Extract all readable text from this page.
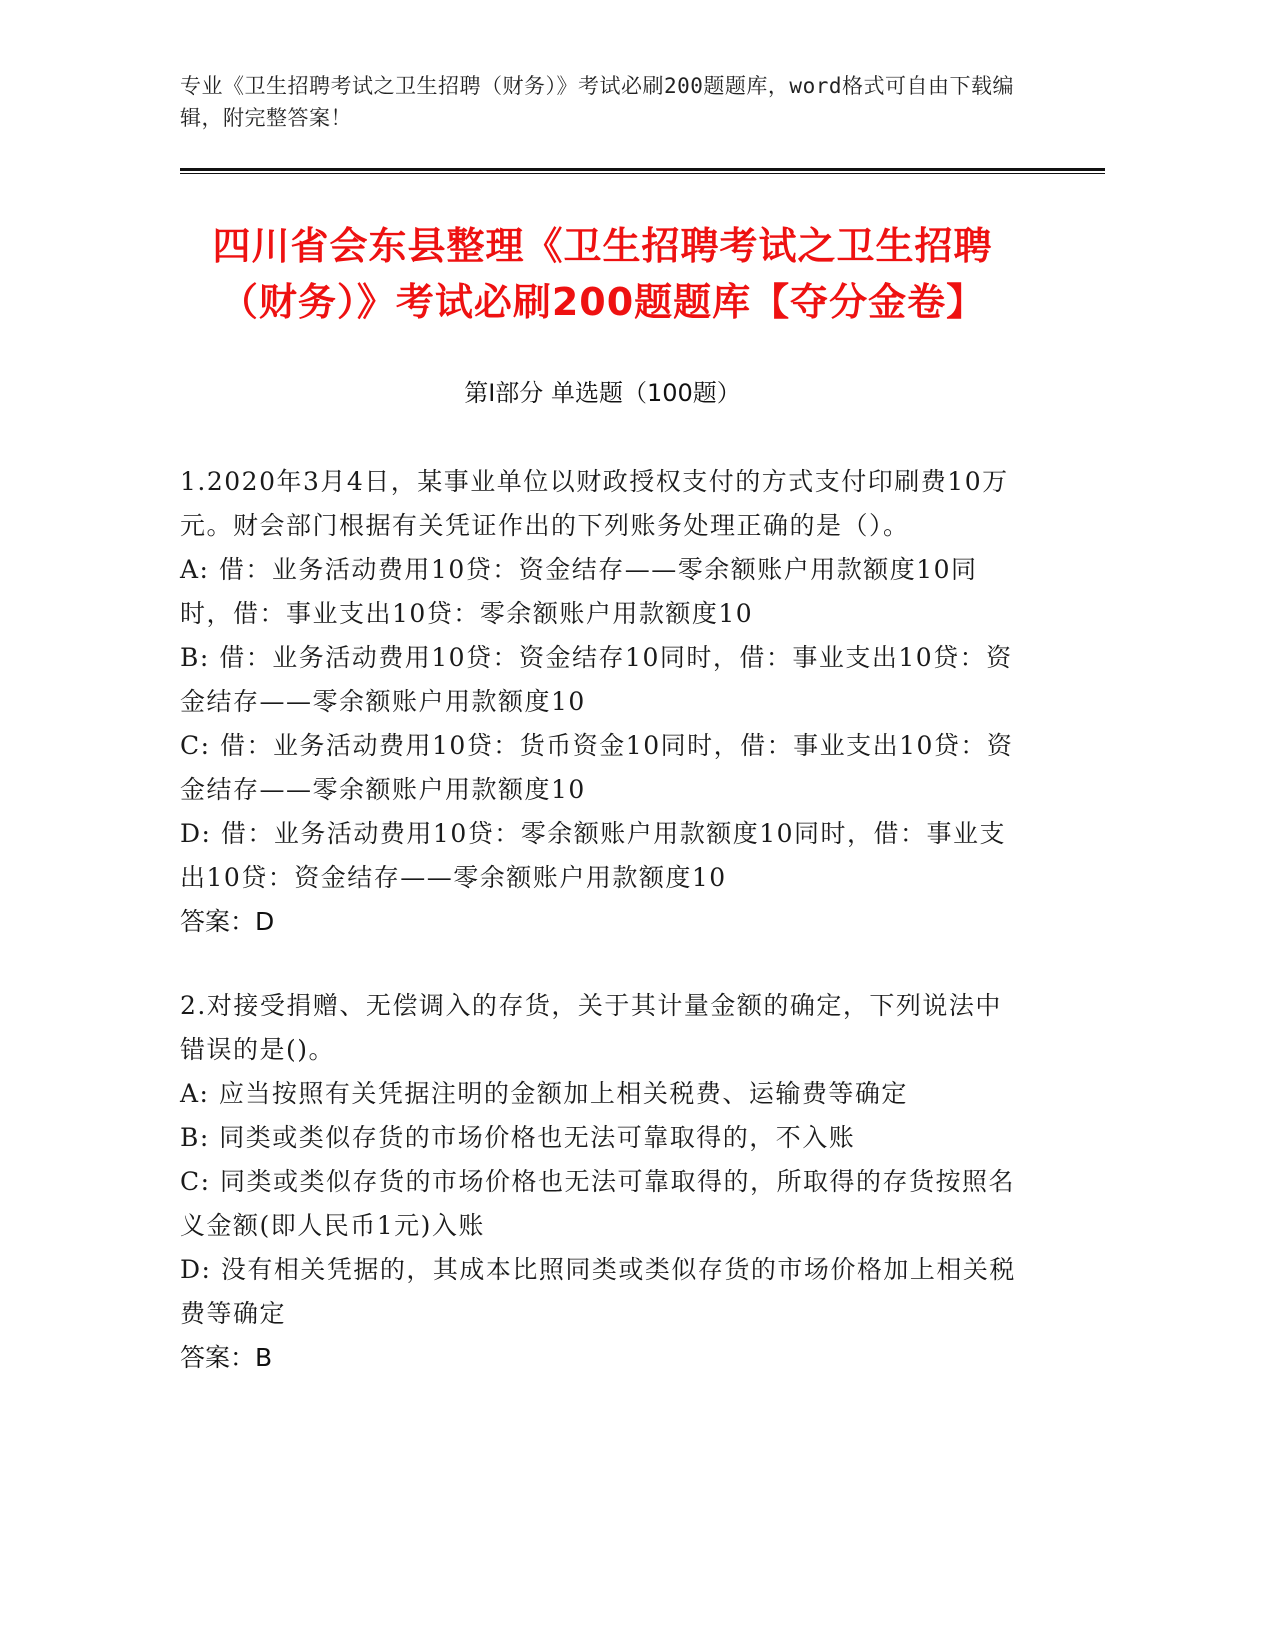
专业《卫生招聘考试之卫生招聘（财务）》考试必刷200题题库，word格式可自由下载编辑，附完整答案！
四川省会东县整理《卫生招聘考试之卫生招聘（财务）》考试必刷200题题库【夺分金卷】
第Ⅰ部分 单选题（100题）

1.2020年3月4日，某事业单位以财政授权支付的方式支付印刷费10万元。财会部门根据有关凭证作出的下列账务处理正确的是（）。

A: 借：业务活动费用10贷：资金结存——零余额账户用款额度10同时，借：事业支出10贷：零余额账户用款额度10

B: 借：业务活动费用10贷：资金结存10同时，借：事业支出10贷：资金结存——零余额账户用款额度10

C: 借：业务活动费用10贷：货币资金10同时，借：事业支出10贷：资金结存——零余额账户用款额度10

D: 借：业务活动费用10贷：零余额账户用款额度10同时，借：事业支出10贷：资金结存——零余额账户用款额度10

答案：D

2.对接受捐赠、无偿调入的存货，关于其计量金额的确定，下列说法中错误的是()。

A: 应当按照有关凭据注明的金额加上相关税费、运输费等确定

B: 同类或类似存货的市场价格也无法可靠取得的，不入账

C: 同类或类似存货的市场价格也无法可靠取得的，所取得的存货按照名义金额(即人民币1元)入账

D: 没有相关凭据的，其成本比照同类或类似存货的市场价格加上相关税费等确定

答案：B
